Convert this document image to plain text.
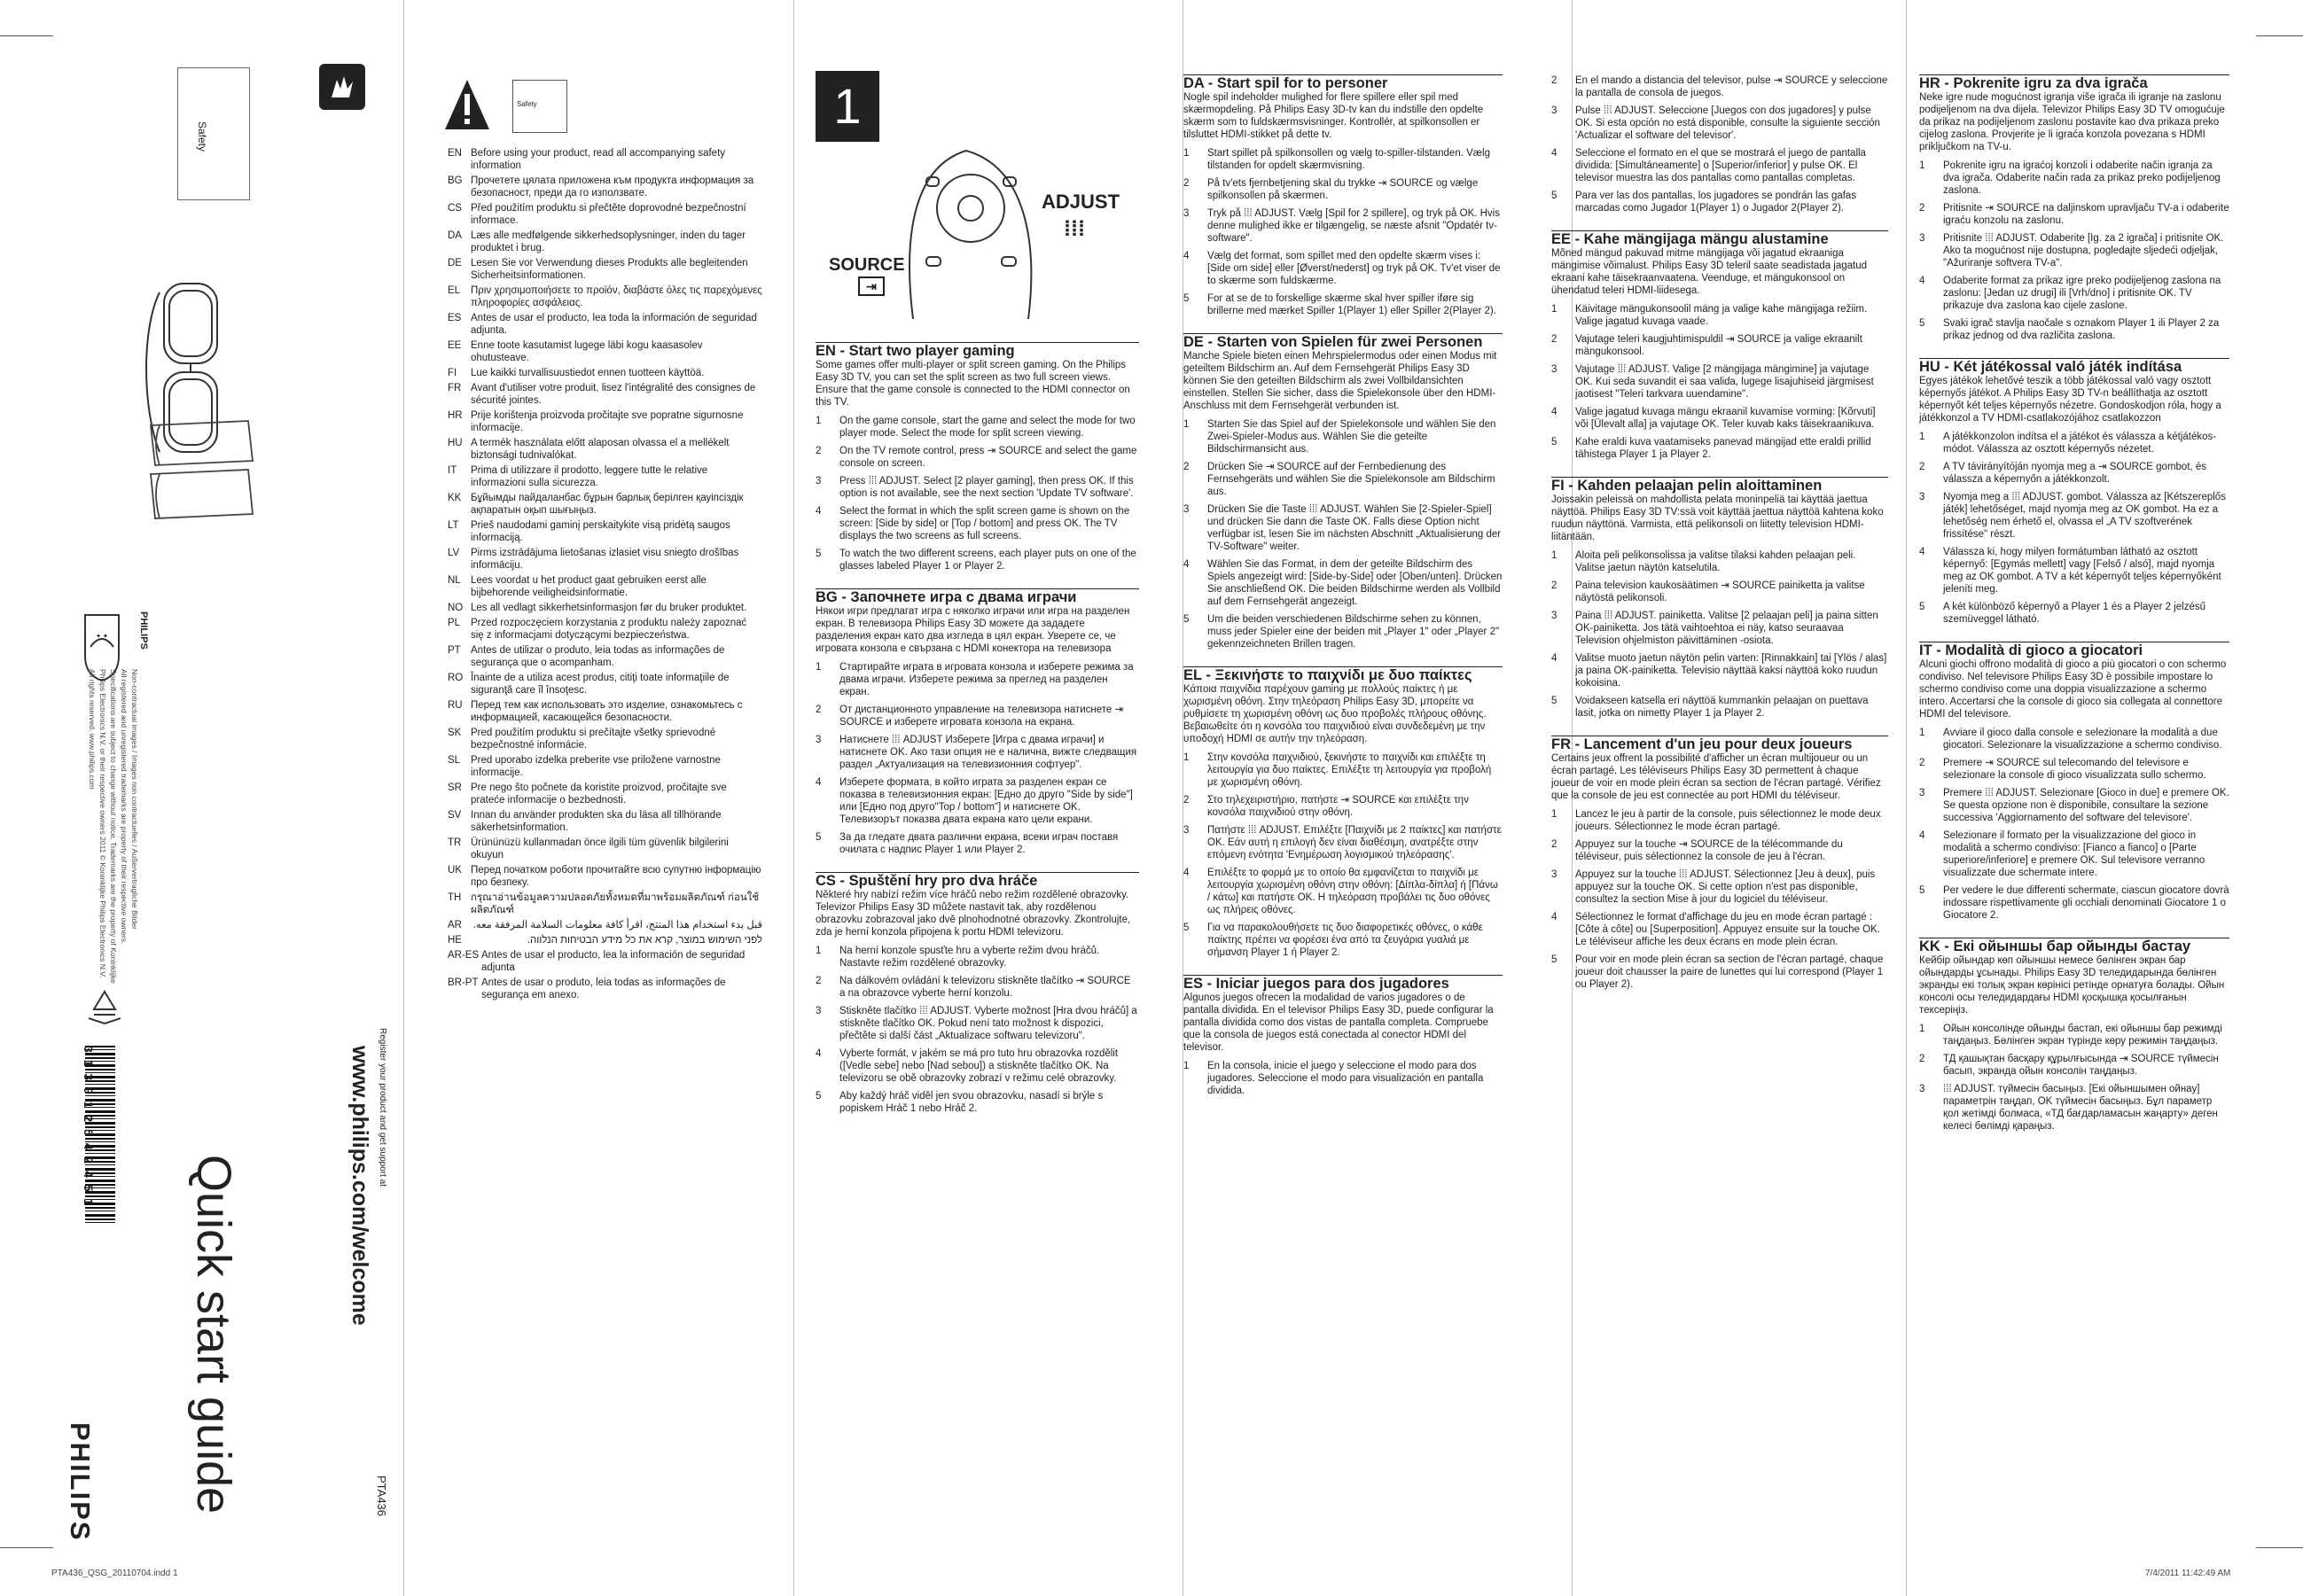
Quick start guide	www.philips.com/welcome Register your product and get support at
PTA436
PHILIPS
Safety
✦ ✦	PHILIPS
Non-contractual images / Images non contractuelles / Außervertragliche Bilder
All registered and unregistered trademarks are property of their respective owners.
Specifications are subject to change without notice. Trademarks are the property of Koninklijke
Philips Electronics N.V. or their respective owners 2011 © Koninklijke Philips Electronics N.V.
All rights reserved. www.philips.com
3 1 3 9 1 2 5 4 2 4 5 1
Safety
EN Before using your product, read all accompanying safety information
BG Прочетете цялата приложена към продукта информация за безопасност, преди да го използвате.
CS Před použitím produktu si přečtěte doprovodné bezpečnostní informace.
DA Læs alle medfølgende sikkerhedsoplysninger, inden du tager produktet i brug.
DE Lesen Sie vor Verwendung dieses Produkts alle begleitenden Sicherheitsinformationen.
EL	Πριν χρησιμοποιήσετε το προϊόν, διαβάστε όλες τις παρεχόμενες πληροφορίες ασφάλειας.
ES Antes de usar el producto, lea toda la información de seguridad adjunta.
EE Enne toote kasutamist lugege läbi kogu kaasasolev ohutusteave.
FI	Lue kaikki turvallisuustiedot ennen tuotteen käyttöä.
FR Avant d'utiliser votre produit, lisez l'intégralité des consignes de sécurité jointes.
HR Prije korištenja proizvoda pročitajte sve popratne sigurnosne informacije.
HU A termék használata előtt alaposan olvassa el a mellékelt biztonsági tudnivalókat.
IT	Prima di utilizzare il prodotto, leggere tutte le relative informazioni sulla sicurezza.
KK Бұйымды пайдаланбас бұрын барлық берілген қауіпсіздік ақпаратын оқып шығыңыз.
LT	Prieš naudodami gaminį perskaitykite visą pridėtą saugos informaciją.
LV	Pirms izstrādājuma lietošanas izlasiet visu sniegto drošības informāciju.
NL Lees voordat u het product gaat gebruiken eerst alle bijbehorende veiligheidsinformatie.
NO Les all vedlagt sikkerhetsinformasjon før du bruker produktet.
PL	Przed rozpoczęciem korzystania z produktu należy zapoznać się z informacjami dotyczącymi bezpieczeństwa.
PT Antes de utilizar o produto, leia todas as informações de segurança que o acompanham.
RO Înainte de a utiliza acest produs, citiţi toate informaţiile de siguranţă care îl însoţesc.
RU Перед тем как использовать это изделие, ознакомьтесь с информацией, касающейся безопасности.
SK Pred použitím produktu si prečítajte všetky sprievodné bezpečnostné informácie.
SL	Pred uporabo izdelka preberite vse priložene varnostne informacije.
SR Pre nego što počnete da koristite proizvod, pročitajte sve prateće informacije o bezbednosti.
SV Innan du använder produkten ska du läsa all tillhörande säkerhetsinformation.
TR Ürününüzü kullanmadan önce ilgili tüm güvenlik bilgilerini okuyun
UK Перед початком роботи прочитайте всю супутню інформацію про безпеку.
TH กรุณาอ่านข้อมูลความปลอดภัยทั้งหมดที่มาพร้อมผลิตภัณฑ์ ก่อนใช้ผลิตภัณฑ์
AR	قبل بدء استخدام هذا المنتج، اقرأ كافة معلومات السلامة المرفقة معه.
HE	לפני השימוש במוצר, קרא את כל מידע הבטיחות הנלווה.
AR-ES Antes de usar el producto, lea la información de seguridad adjunta
BR-PT Antes de usar o produto, leia todas as informações de segurança em anexo.
1
ADJUST
⁞⁞⁞
SOURCE
⇥
EN - Start two player gaming
Some games offer multi-player or split screen gaming. On the Philips Easy 3D TV, you can set the split screen as two full screen views. Ensure that the game console is connected to the HDMI connector on this TV.
1	On the game console, start the game and select the mode for two player mode. Select the mode for split screen viewing.
2	On the TV remote control, press ⇥ SOURCE and select the game console on screen.
3	Press ⁞⁞⁞ ADJUST. Select [2 player gaming], then press OK. If this option is not available, see the next section 'Update TV software'.
4	Select the format in which the split screen game is shown on the screen: [Side by side] or [Top / bottom] and press OK. The TV displays the two screens as full screens.
5	To watch the two different screens, each player puts on one of the glasses labeled Player 1 or Player 2.
BG - Започнете игра с двама играчи
Някои игри предлагат игра с няколко играчи или игра на разделен екран. В телевизора Philips Easy 3D можете да зададете разделения екран като два изгледа в цял екран. Уверете се, че игровата конзола е свързана с HDMI конектора на телевизора
1	Стартирайте играта в игровата конзола и изберете режима за двама играчи. Изберете режима за преглед на разделен екран.
2	От дистанционното управление на телевизора натиснете ⇥ SOURCE и изберете игровата конзола на екрана.
3	Натиснете ⁞⁞⁞ ADJUST Изберете [Игра с двама играчи] и натиснете OK. Ако тази опция не е налична, вижте следващия раздел „Актуализация на телевизионния софтуер".
4	Изберете формата, в който играта за разделен екран се показва в телевизионния екран: [Едно до друго "Side by side"] или [Едно под друго"Top / bottom"] и натиснете OK. Телевизорът показва двата екрана като цели екрани.
5	За да гледате двата различни екрана, всеки играч поставя очилата с надпис Player 1 или Player 2.
CS - Spuštění hry pro dva hráče
Některé hry nabízí režim více hráčů nebo režim rozdělené obrazovky. Televizor Philips Easy 3D můžete nastavit tak, aby rozdělenou obrazovku zobrazoval jako dvě plnohodnotné obrazovky. Zkontrolujte, zda je herní konzola připojena k portu HDMI televizoru.
1	Na herní konzole spusťte hru a vyberte režim dvou hráčů. Nastavte režim rozdělené obrazovky.
2	Na dálkovém ovládání k televizoru stiskněte tlačítko ⇥ SOURCE a na obrazovce vyberte herní konzolu.
3	Stiskněte tlačítko ⁞⁞⁞ ADJUST. Vyberte možnost [Hra dvou hráčů] a stiskněte tlačítko OK. Pokud není tato možnost k dispozici, přečtěte si další část „Aktualizace softwaru televizoru".
4	Vyberte formát, v jakém se má pro tuto hru obrazovka rozdělit ([Vedle sebe] nebo [Nad sebou]) a stiskněte tlačítko OK. Na televizoru se obě obrazovky zobrazí v režimu celé obrazovky.
5	Aby každý hráč viděl jen svou obrazovku, nasadí si brýle s popiskem Hráč 1 nebo Hráč 2.
DA - Start spil for to personer
Nogle spil indeholder mulighed for flere spillere eller spil med skærmopdeling. På Philips Easy 3D-tv kan du indstille den opdelte skærm som to fuldskærmsvisninger. Kontrollér, at spilkonsollen er tilsluttet HDMI-stikket på dette tv.
1	Start spillet på spilkonsollen og vælg to-spiller-tilstanden. Vælg tilstanden for opdelt skærmvisning.
2	På tv'ets fjernbetjening skal du trykke ⇥ SOURCE og vælge spilkonsollen på skærmen.
3	Tryk på ⁞⁞⁞ ADJUST. Vælg [Spil for 2 spillere], og tryk på OK. Hvis denne mulighed ikke er tilgængelig, se næste afsnit "Opdatér tv-software".
4	Vælg det format, som spillet med den opdelte skærm vises i: [Side om side] eller [Øverst/nederst] og tryk på OK. Tv'et viser de to skærme som fuldskærme.
5	For at se de to forskellige skærme skal hver spiller iføre sig brillerne med mærket Spiller 1(Player 1) eller Spiller 2(Player 2).
DE - Starten von Spielen für zwei Personen
Manche Spiele bieten einen Mehrspielermodus oder einen Modus mit geteiltem Bildschirm an. Auf dem Fernsehgerät Philips Easy 3D können Sie den geteilten Bildschirm als zwei Vollbildansichten einstellen. Stellen Sie sicher, dass die Spielekonsole über den HDMI-Anschluss mit dem Fernsehgerät verbunden ist.
1	Starten Sie das Spiel auf der Spielekonsole und wählen Sie den Zwei-Spieler-Modus aus. Wählen Sie die geteilte Bildschirmansicht aus.
2	Drücken Sie ⇥ SOURCE auf der Fernbedienung des Fernsehgeräts und wählen Sie die Spielekonsole am Bildschirm aus.
3	Drücken Sie die Taste ⁞⁞⁞ ADJUST. Wählen Sie [2-Spieler-Spiel] und drücken Sie dann die Taste OK. Falls diese Option nicht verfügbar ist, lesen Sie im nächsten Abschnitt „Aktualisierung der TV-Software" weiter.
4	Wählen Sie das Format, in dem der geteilte Bildschirm des Spiels angezeigt wird: [Side-by-Side] oder [Oben/unten]. Drücken Sie anschließend OK. Die beiden Bildschirme werden als Vollbild auf dem Fernsehgerät angezeigt.
5	Um die beiden verschiedenen Bildschirme sehen zu können, muss jeder Spieler eine der beiden mit „Player 1" oder „Player 2" gekennzeichneten Brillen tragen.
EL - Ξεκινήστε το παιχνίδι με δυο παίκτες
Κάποια παιχνίδια παρέχουν gaming με πολλούς παίκτες ή με χωρισμένη οθόνη. Στην τηλεόραση Philips Easy 3D, μπορείτε να ρυθμίσετε τη χωρισμένη οθόνη ως δυο προβολές πλήρους οθόνης. Βεβαιωθείτε ότι η κονσόλα του παιχνιδιού είναι συνδεδεμένη με την υποδοχή HDMI σε αυτήν την τηλεόραση.
1	Στην κονσόλα παιχνιδιού, ξεκινήστε το παιχνίδι και επιλέξτε τη λειτουργία για δυο παίκτες. Επιλέξτε τη λειτουργία για προβολή με χωρισμένη οθόνη.
2	Στο τηλεχειριστήριο, πατήστε ⇥ SOURCE και επιλέξτε την κονσόλα παιχνιδιού στην οθόνη.
3	Πατήστε ⁞⁞⁞ ADJUST. Επιλέξτε [Παιχνίδι με 2 παίκτες] και πατήστε OK. Εάν αυτή η επιλογή δεν είναι διαθέσιμη, ανατρέξτε στην επόμενη ενότητα 'Ενημέρωση λογισμικού τηλεόρασης'.
4	Επιλέξτε το φορμά με το οποίο θα εμφανίζεται το παιχνίδι με λειτουργία χωρισμένη οθόνη στην οθόνη: [Δίπλα-δίπλα] ή [Πάνω / κάτω] και πατήστε OK. Η τηλεόραση προβάλει τις δυο οθόνες ως πλήρεις οθόνες.
5	Για να παρακολουθήσετε τις δυο διαφορετικές οθόνες, ο κάθε παίκτης πρέπει να φορέσει ένα από τα ζευγάρια γυαλιά με σήμανση Player 1 ή Player 2.
ES - Iniciar juegos para dos jugadores
Algunos juegos ofrecen la modalidad de varios jugadores o de pantalla dividida. En el televisor Philips Easy 3D, puede configurar la pantalla dividida como dos vistas de pantalla completa. Compruebe que la consola de juegos está conectada al conector HDMI del televisor.
1	En la consola, inicie el juego y seleccione el modo para dos jugadores. Seleccione el modo para visualización en pantalla dividida.
2	En el mando a distancia del televisor, pulse ⇥ SOURCE y seleccione la pantalla de consola de juegos.
3	Pulse ⁞⁞⁞ ADJUST. Seleccione [Juegos con dos jugadores] y pulse OK. Si esta opción no está disponible, consulte la siguiente sección 'Actualizar el software del televisor'.
4	Seleccione el formato en el que se mostrará el juego de pantalla dividida: [Simultáneamente] o [Superior/inferior] y pulse OK. El televisor muestra las dos pantallas como pantallas completas.
5	Para ver las dos pantallas, los jugadores se pondrán las gafas marcadas como Jugador 1(Player 1) o Jugador 2(Player 2).
EE - Kahe mängijaga mängu alustamine
Mõned mängud pakuvad mitme mängijaga või jagatud ekraaniga mängimise võimalust. Philips Easy 3D teleril saate seadistada jagatud ekraani kahe täisekraanvaatena. Veenduge, et mängukonsool on ühendatud teleri HDMI-liidesega.
1	Käivitage mängukonsoolil mäng ja valige kahe mängijaga režiim. Valige jagatud kuvaga vaade.
2	Vajutage teleri kaugjuhtimispuldil ⇥ SOURCE ja valige ekraanilt mängukonsool.
3	Vajutage ⁞⁞⁞ ADJUST. Valige [2 mängijaga mängimine] ja vajutage OK. Kui seda suvandit ei saa valida, lugege lisajuhiseid järgmisest jaotisest "Teleri tarkvara uuendamine".
4	Valige jagatud kuvaga mängu ekraanil kuvamise vorming: [Kõrvuti] või [Ülevalt alla] ja vajutage OK. Teler kuvab kaks täisekraanikuva.
5	Kahe eraldi kuva vaatamiseks panevad mängijad ette eraldi prillid tähistega Player 1 ja Player 2.
FI - Kahden pelaajan pelin aloittaminen
Joissakin peleissä on mahdollista pelata moninpeliä tai käyttää jaettua näyttöä. Philips Easy 3D TV:ssä voit käyttää jaettua näyttöä kahtena koko ruudun näyttönä. Varmista, että pelikonsoli on liitetty television HDMI-liitäntään.
1	Aloita peli pelikonsolissa ja valitse tilaksi kahden pelaajan peli. Valitse jaetun näytön katselutila.
2	Paina television kaukosäätimen ⇥ SOURCE painiketta ja valitse näytöstä pelikonsoli.
3	Paina ⁞⁞⁞ ADJUST. painiketta. Valitse [2 pelaajan peli] ja paina sitten OK-painiketta. Jos tätä vaihtoehtoa ei näy, katso seuraavaa Television ohjelmiston päivittäminen -osiota.
4	Valitse muoto jaetun näytön pelin varten: [Rinnakkain] tai [Ylös / alas] ja paina OK-painiketta. Televisio näyttää kaksi näyttöä koko ruudun kokoisina.
5	Voidakseen katsella eri näyttöä kummankin pelaajan on puettava lasit, jotka on nimetty Player 1 ja Player 2.
FR - Lancement d'un jeu pour deux joueurs
Certains jeux offrent la possibilité d'afficher un écran multijoueur ou un écran partagé. Les téléviseurs Philips Easy 3D permettent à chaque joueur de voir en mode plein écran sa section de l'écran partagé. Vérifiez que la console de jeu est connectée au port HDMI du téléviseur.
1	Lancez le jeu à partir de la console, puis sélectionnez le mode deux joueurs. Sélectionnez le mode écran partagé.
2	Appuyez sur la touche ⇥ SOURCE de la télécommande du téléviseur, puis sélectionnez la console de jeu à l'écran.
3	Appuyez sur la touche ⁞⁞⁞ ADJUST. Sélectionnez [Jeu à deux], puis appuyez sur la touche OK. Si cette option n'est pas disponible, consultez la section Mise à jour du logiciel du téléviseur.
4	Sélectionnez le format d'affichage du jeu en mode écran partagé : [Côte à côte] ou [Superposition]. Appuyez ensuite sur la touche OK. Le téléviseur affiche les deux écrans en mode plein écran.
5	Pour voir en mode plein écran sa section de l'écran partagé, chaque joueur doit chausser la paire de lunettes qui lui correspond (Player 1 ou Player 2).
HR - Pokrenite igru za dva igrača
Neke igre nude mogućnost igranja više igrača ili igranje na zaslonu podijeljenom na dva dijela. Televizor Philips Easy 3D TV omogućuje da prikaz na podijeljenom zaslonu postavite kao dva prikaza preko cijelog zaslona. Provjerite je li igraća konzola povezana s HDMI priključkom na TV-u.
1	Pokrenite igru na igraćoj konzoli i odaberite način igranja za dva igrača. Odaberite način rada za prikaz preko podijeljenog zaslona.
2	Pritisnite ⇥ SOURCE na daljinskom upravljaču TV-a i odaberite igraću konzolu na zaslonu.
3	Pritisnite ⁞⁞⁞ ADJUST. Odaberite [Ig. za 2 igrača] i pritisnite OK. Ako ta mogućnost nije dostupna, pogledajte sljedeći odjeljak, "Ažuriranje softvera TV-a".
4	Odaberite format za prikaz igre preko podijeljenog zaslona na zaslonu: [Jedan uz drugi] ili [Vrh/dno] i pritisnite OK. TV prikazuje dva zaslona kao cijele zaslone.
5	Svaki igrač stavlja naočale s oznakom Player 1 ili Player 2 za prikaz jednog od dva različita zaslona.
HU - Két játékossal való játék indítása
Egyes játékok lehetővé teszik a több játékossal való vagy osztott képernyős játékot. A Philips Easy 3D TV-n beállíthatja az osztott képernyőt két teljes képernyős nézetre. Gondoskodjon róla, hogy a játékkonzol a TV HDMI-csatlakozójához csatlakozzon
1	A játékkonzolon indítsa el a játékot és válassza a kétjátékos-módot. Válassza az osztott képernyős nézetet.
2	A TV távirányítóján nyomja meg a ⇥ SOURCE gombot, és válassza a képernyőn a játékkonzolt.
3	Nyomja meg a ⁞⁞⁞ ADJUST. gombot. Válassza az [Kétszereplős játék] lehetőséget, majd nyomja meg az OK gombot. Ha ez a lehetőség nem érhető el, olvassa el „A TV szoftverének frissítése" részt.
4	Válassza ki, hogy milyen formátumban látható az osztott képernyő: [Egymás mellett] vagy [Felső / alsó], majd nyomja meg az OK gombot. A TV a két képernyőt teljes képernyőként jeleníti meg.
5	A két különböző képernyő a Player 1 és a Player 2 jelzésű szemüveggel látható.
IT - Modalità di gioco a giocatori
Alcuni giochi offrono modalità di gioco a più giocatori o con schermo condiviso. Nel televisore Philips Easy 3D è possibile impostare lo schermo condiviso come una doppia visualizzazione a schermo intero. Accertarsi che la console di gioco sia collegata al connettore HDMI del televisore.
1	Avviare il gioco dalla console e selezionare la modalità a due giocatori. Selezionare la visualizzazione a schermo condiviso.
2	Premere ⇥ SOURCE sul telecomando del televisore e selezionare la console di gioco visualizzata sullo schermo.
3	Premere ⁞⁞⁞ ADJUST. Selezionare [Gioco in due] e premere OK. Se questa opzione non è disponibile, consultare la sezione successiva 'Aggiornamento del software del televisore'.
4	Selezionare il formato per la visualizzazione del gioco in modalità a schermo condiviso: [Fianco a fianco] o [Parte superiore/inferiore] e premere OK. Sul televisore verranno visualizzate due schermate intere.
5	Per vedere le due differenti schermate, ciascun giocatore dovrà indossare rispettivamente gli occhiali denominati Giocatore 1 o Giocatore 2.
KK - Екі ойыншы бар ойынды бастау
Кейбір ойындар көп ойыншы немесе бөлінген экран бар ойындарды ұсынады. Philips Easy 3D теледидарында бөлінген экранды екі толық экран көрінісі ретінде орнатуға болады. Ойын консолі осы теледидардағы HDMI қосқышқа қосылғанын тексеріңіз.
1	Ойын консолінде ойынды бастап, екі ойыншы бар режимді таңдаңыз. Бөлінген экран түрінде көру режимін таңдаңыз.
2	ТД қашықтан басқару құрылғысында ⇥ SOURCE түймесін басып, экранда ойын консолін таңдаңыз.
3	⁞⁞⁞ ADJUST. түймесін басыңыз. [Екі ойыншымен ойнау] параметрін таңдап, OK түймесін басыңыз. Бұл параметр қол жетімді болмаса, «ТД бағдарламасын жаңарту» деген келесі бөлімді қараңыз.
PTA436_QSG_20110704.indd 1	7/4/2011 11:42:49 AM
